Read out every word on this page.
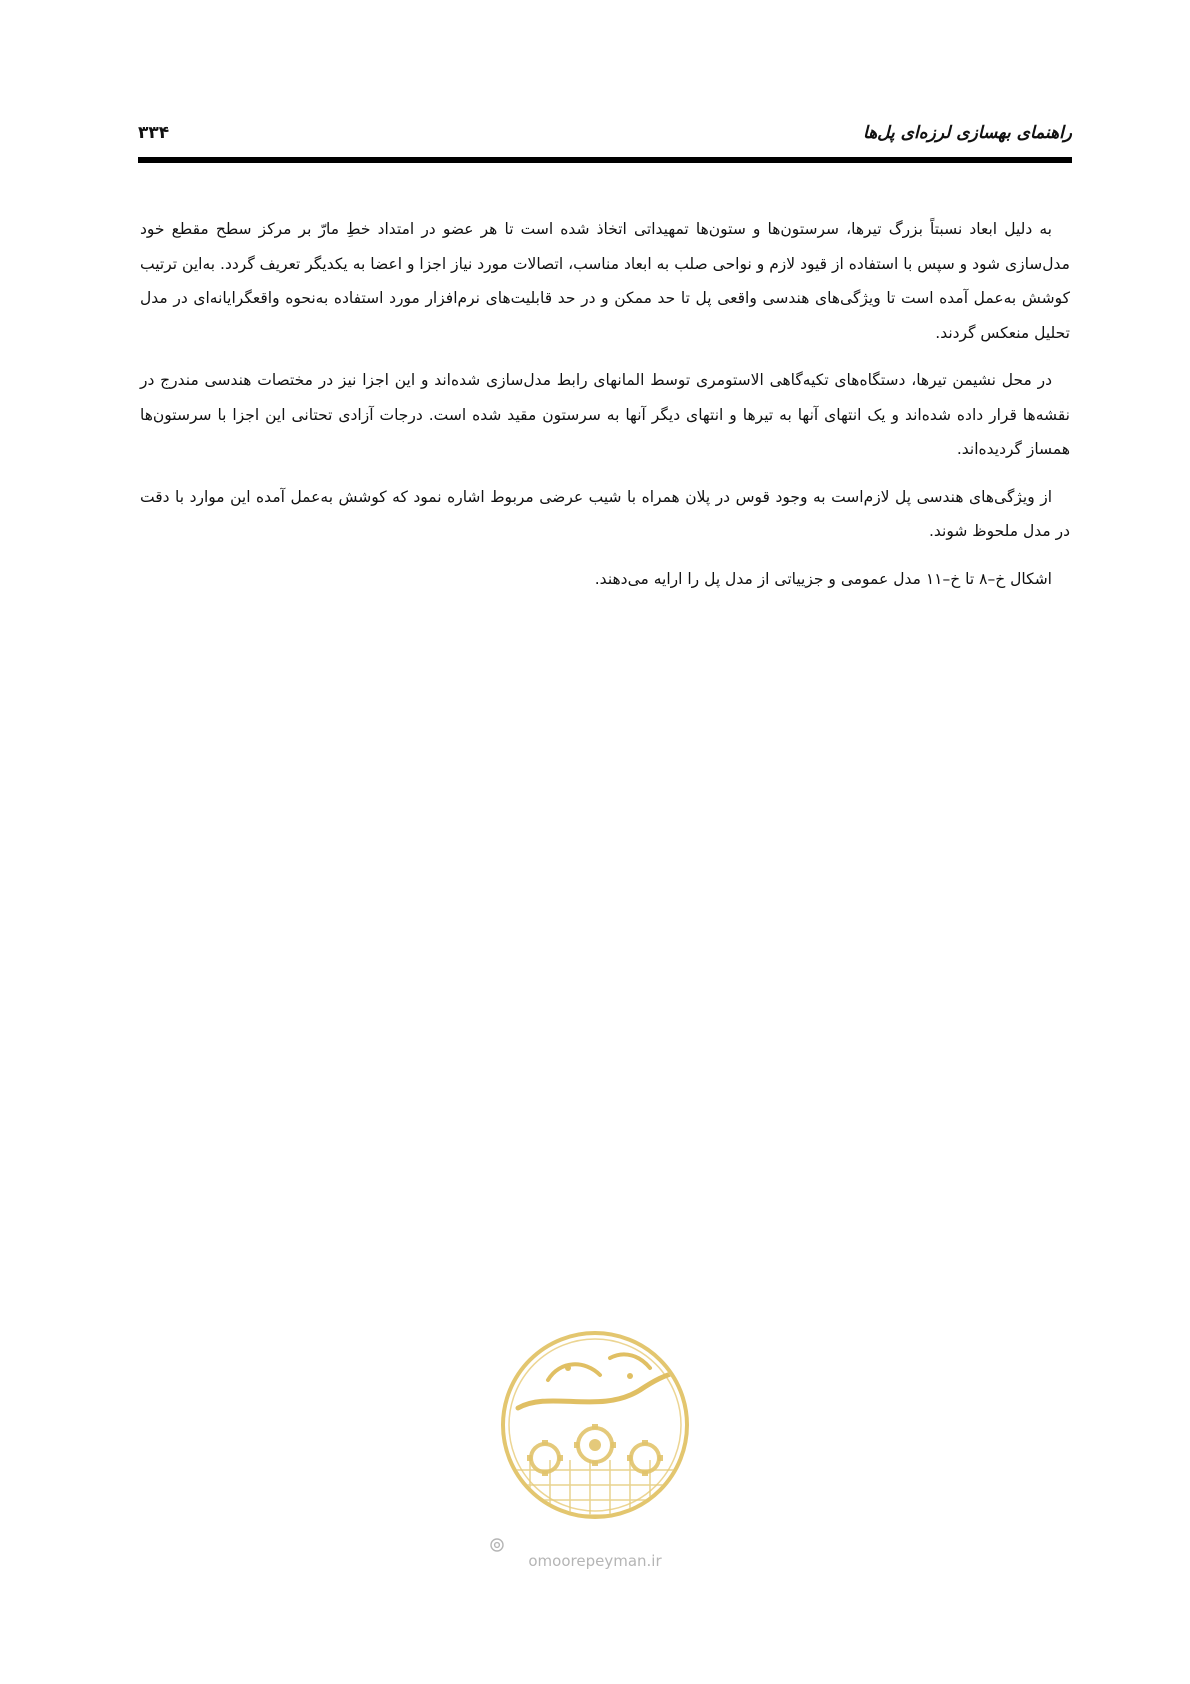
راهنمای بهسازی لرزه‌ای پل‌ها
۳۳۴

به دلیل ابعاد نسبتاً بزرگ تیرها، سرستون‌ها و ستون‌ها تمهیداتی اتخاذ شده است تا هر عضو در امتداد خطِ مارّ بر مرکز سطح مقطع خود مدل‌سازی شود و سپس با استفاده از قیود لازم و نواحی صلب به ابعاد مناسب، اتصالات مورد نیاز اجزا و اعضا به یکدیگر تعریف گردد. به‌این ترتیب کوشش به‌عمل آمده است تا ویژگی‌های هندسی واقعی پل تا حد ممکن و در حد قابلیت‌های نرم‌افزار مورد استفاده به‌نحوه واقعگرایانه‌ای در مدل تحلیل منعکس گردند.

در محل نشیمن تیرها، دستگاه‌های تکیه‌گاهی الاستومری توسط المانهای رابط مدل‌سازی شده‌اند و این اجزا نیز در مختصات هندسی مندرج در نقشه‌ها قرار داده شده‌اند و یک انتهای آنها به تیرها و انتهای دیگر آنها به سرستون مقید شده است. درجات آزادی تحتانی این اجزا با سرستون‌ها همساز گردیده‌اند.

از ویژگی‌های هندسی پل لازم‌است به وجود قوس در پلان همراه با شیب عرضی مربوط اشاره نمود که کوشش به‌عمل آمده این موارد با دقت در مدل ملحوظ شوند.

اشکال خ–۸ تا خ–۱۱ مدل عمومی و جزییاتی از مدل پل را ارایه می‌دهند.

omoorepeyman.ir
